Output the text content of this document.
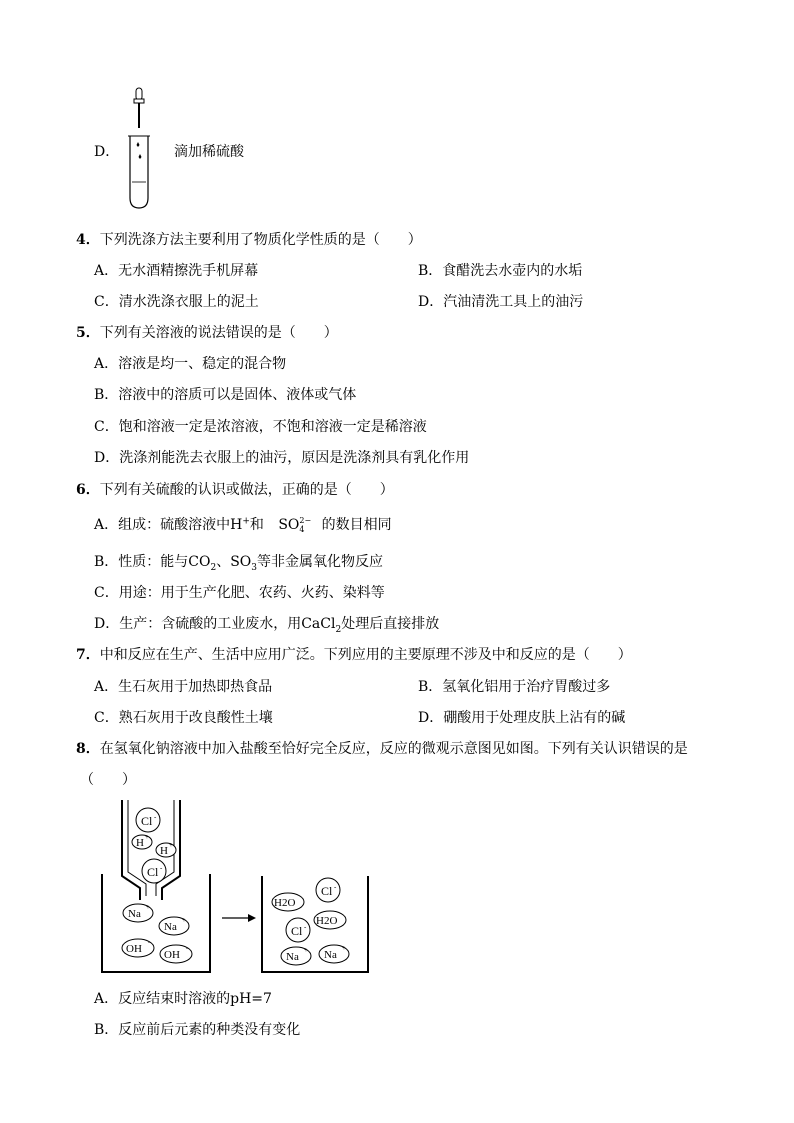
D．	滴加稀硫酸
4．下列洗涤方法主要利用了物质化学性质的是（　　）
A．无水酒精擦洗手机屏幕	B．食醋洗去水壶内的水垢
C．清水洗涤衣服上的泥土	D．汽油清洗工具上的油污
5．下列有关溶液的说法错误的是（　　）
A．溶液是均一、稳定的混合物
B．溶液中的溶质可以是固体、液体或气体
C．饱和溶液一定是浓溶液，不饱和溶液一定是稀溶液
D．洗涤剂能洗去衣服上的油污，原因是洗涤剂具有乳化作用
6．下列有关硫酸的认识或做法，正确的是（　　）
A．组成：硫酸溶液中H+和 SO 2−
4	的数目相同
B．性质：能与$CO_2$、$SO_3$等非金属氧化物反应
C．用途：用于生产化肥、农药、火药、染料等
D．生产：含硫酸的工业废水，用CaCl$_2$处理后直接排放
7．中和反应在生产、生活中应用广泛。下列应用的主要原理不涉及中和反应的是（　　）
A．生石灰用于加热即热食品	B．氢氧化铝用于治疗胃酸过多
C．熟石灰用于改良酸性土壤	D．硼酸用于处理皮肤上沾有的碱
8．在氢氧化钠溶液中加入盐酸至恰好完全反应，反应的微观示意图见如图。下列有关认识错误的是
（　　）
Cl -
H +
H +
Cl -
Na
+
Na
+
OH
-
OH
-
H2O
Cl -
H2O
Cl -
Na
+ Na
+
A．反应结束时溶液的pH=7
B．反应前后元素的种类没有变化
